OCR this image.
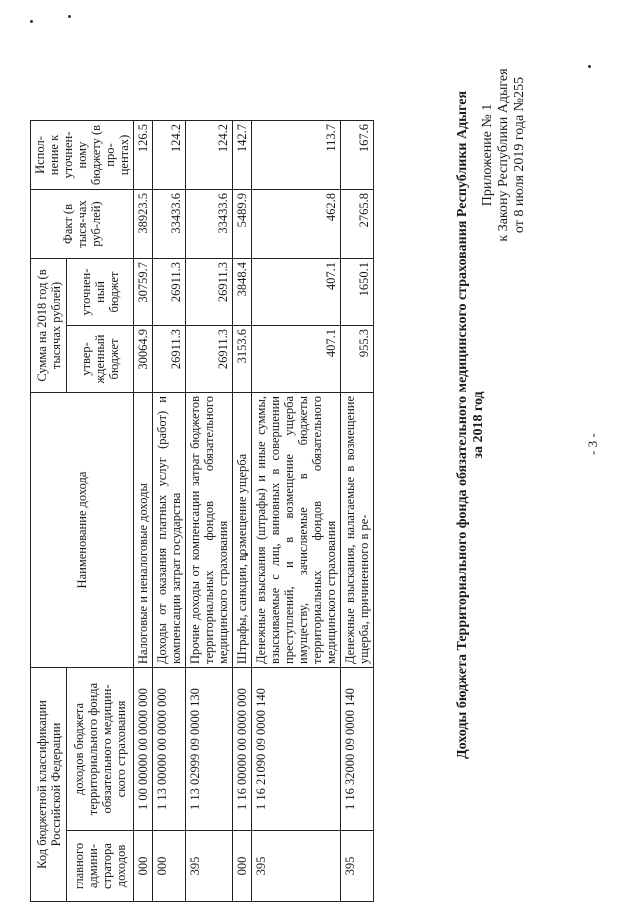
- 3 -
Приложение № 1 к Закону Республики Адыгея от 8 июля 2019 года №255
Доходы бюджета Территориального фонда обязательного медицинского страхования Республики Адыгея за 2018 год
Код бюджетной классификации Российской Федерации		Наименование дохода	Сумма на 2018 год (в тысячах рублей)		Факт (в тыся-чах руб-лей)	Испол-нение к уточнен-ному бюджету (в про-центах)
главного админи-стратора доходов	доходов бюджета территориального фонда обязательного медицин-ского страхования		утвер-жденный бюджет	уточнен-ный бюджет		
000	1 00 00000 00 0000 000	Налоговые и неналоговые доходы	30064.9	30759.7	38923.5	126.5
000	1 13 00000 00 0000 000	Доходы от оказания платных услуг (работ) и компенсации затрат государства	26911.3	26911.3	33433.6	124.2
395	1 13 02999 09 0000 130	Прочие доходы от компенсации затрат бюджетов территориальных фондов обязательного медицинского страхования	26911.3	26911.3	33433.6	124.2
000	1 16 00000 00 0000 000	Штрафы, санкции, возмещение ущерба	3153.6	3848.4	5489.9	142.7
395	1 16 21090 09 0000 140	Денежные взыскания (штрафы) и иные суммы, взыскиваемые с лиц, виновных в совершении преступлений, и в возмещение ущерба имуществу, зачисляемые в бюджеты территориальных фондов обязательного медицинского страхования	407.1	407.1	462.8	113.7
395	1 16 32000 09 0000 140	Денежные взыскания, налагаемые в возмещение ущерба, причиненного в ре-	955.3	1650.1	2765.8	167.6
